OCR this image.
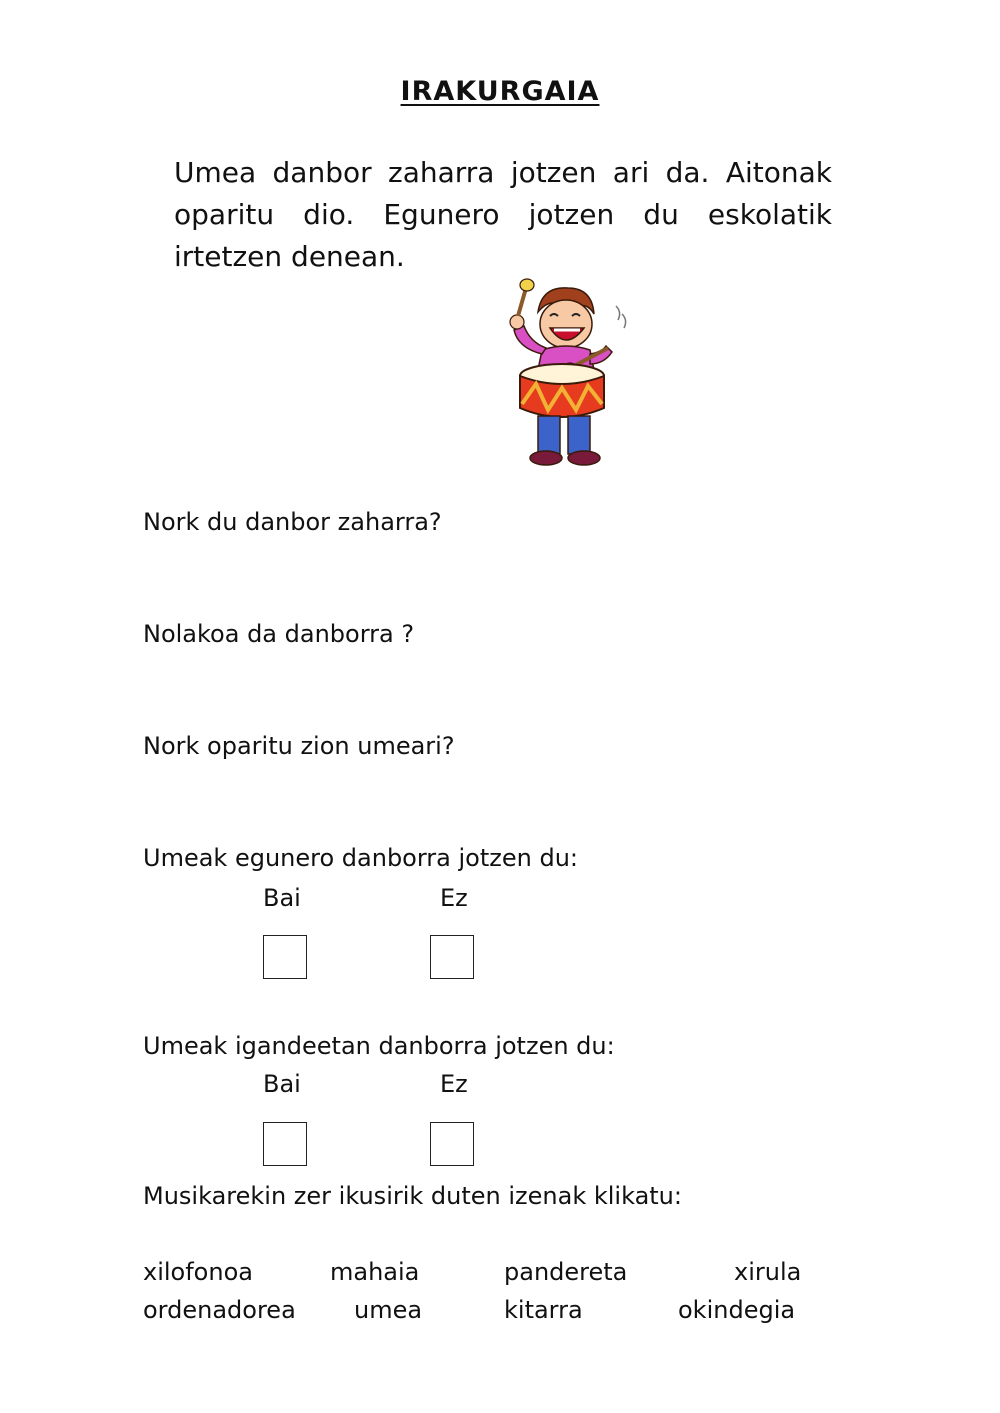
IRAKURGAIA
Umea danbor zaharra jotzen ari da. Aitonak oparitu dio. Egunero jotzen du eskolatik irtetzen denean.
Nork du danbor zaharra?
Nolakoa da danborra ?
Nork oparitu zion umeari?
Umeak egunero danborra jotzen du:
Bai	Ez
Umeak igandeetan danborra jotzen du:
Bai	Ez
Musikarekin zer ikusirik duten izenak klikatu:
xilofonoa	mahaia	pandereta	xirula
ordenadorea umea	kitarra	okindegia
